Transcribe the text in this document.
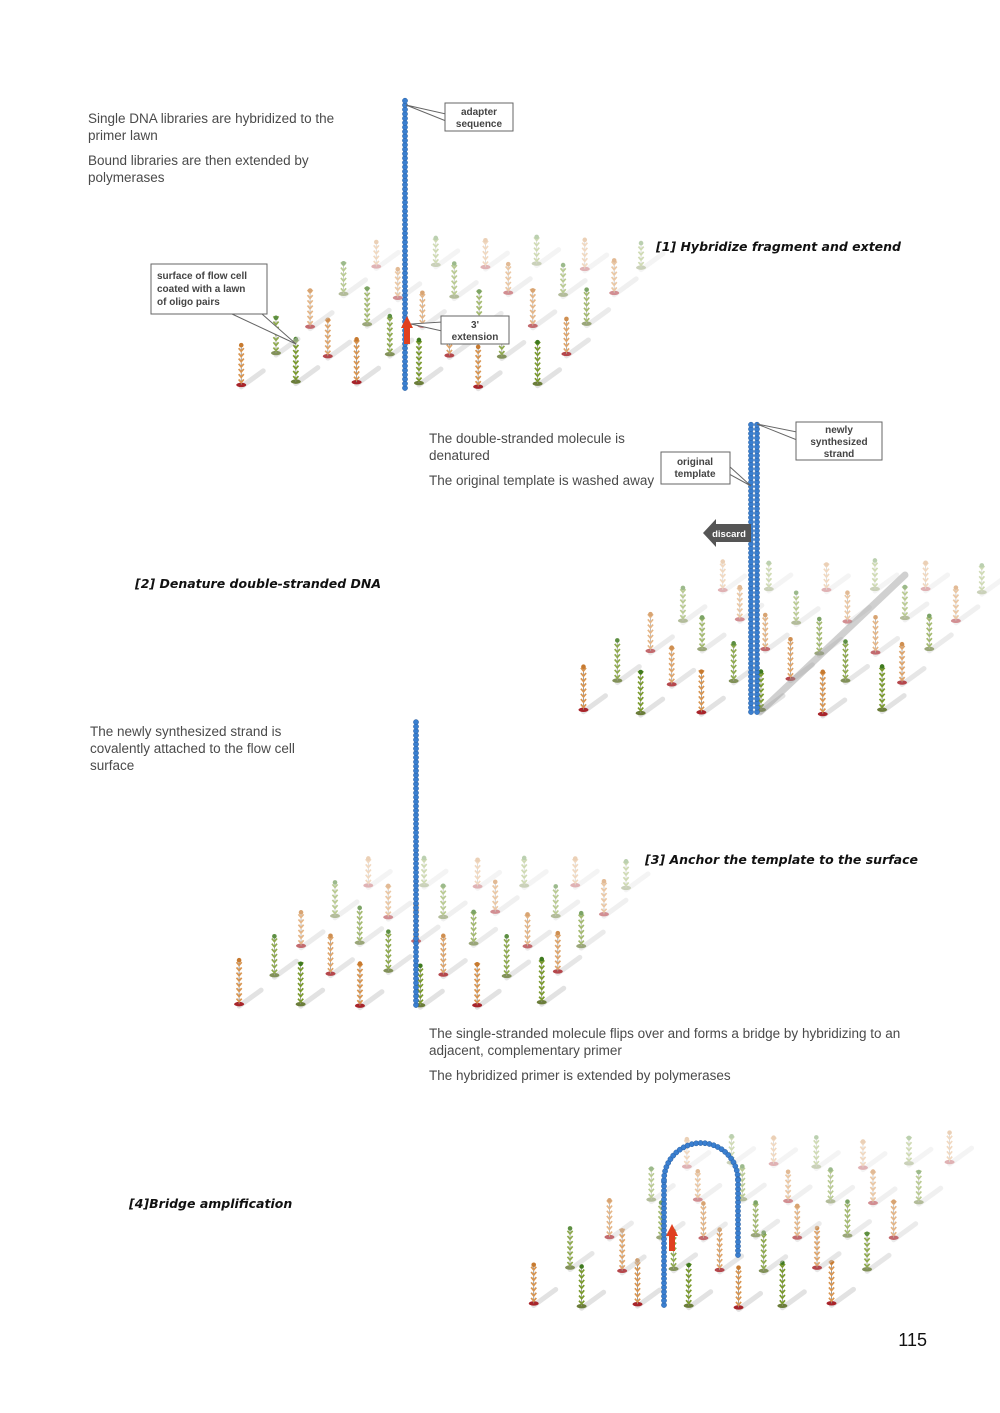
Single DNA libraries are hybridized to the primer lawn

Bound libraries are then extended by polymerases

[1] Hybridize fragment and extend

The double-stranded molecule is denatured

The original template is washed away

[2] Denature double-stranded DNA

The newly synthesized strand is covalently attached to the flow cell surface

[3] Anchor the template to the surface

The single-stranded molecule flips over and forms a bridge by hybridizing to an adjacent, complementary primer

The hybridized primer is extended by polymerases

[4]Bridge amplification
115
adapter
sequence
surface of flow cell
coated with a lawn
of oligo pairs
3'
extension
newly
synthesized
strand
original
template
discard
